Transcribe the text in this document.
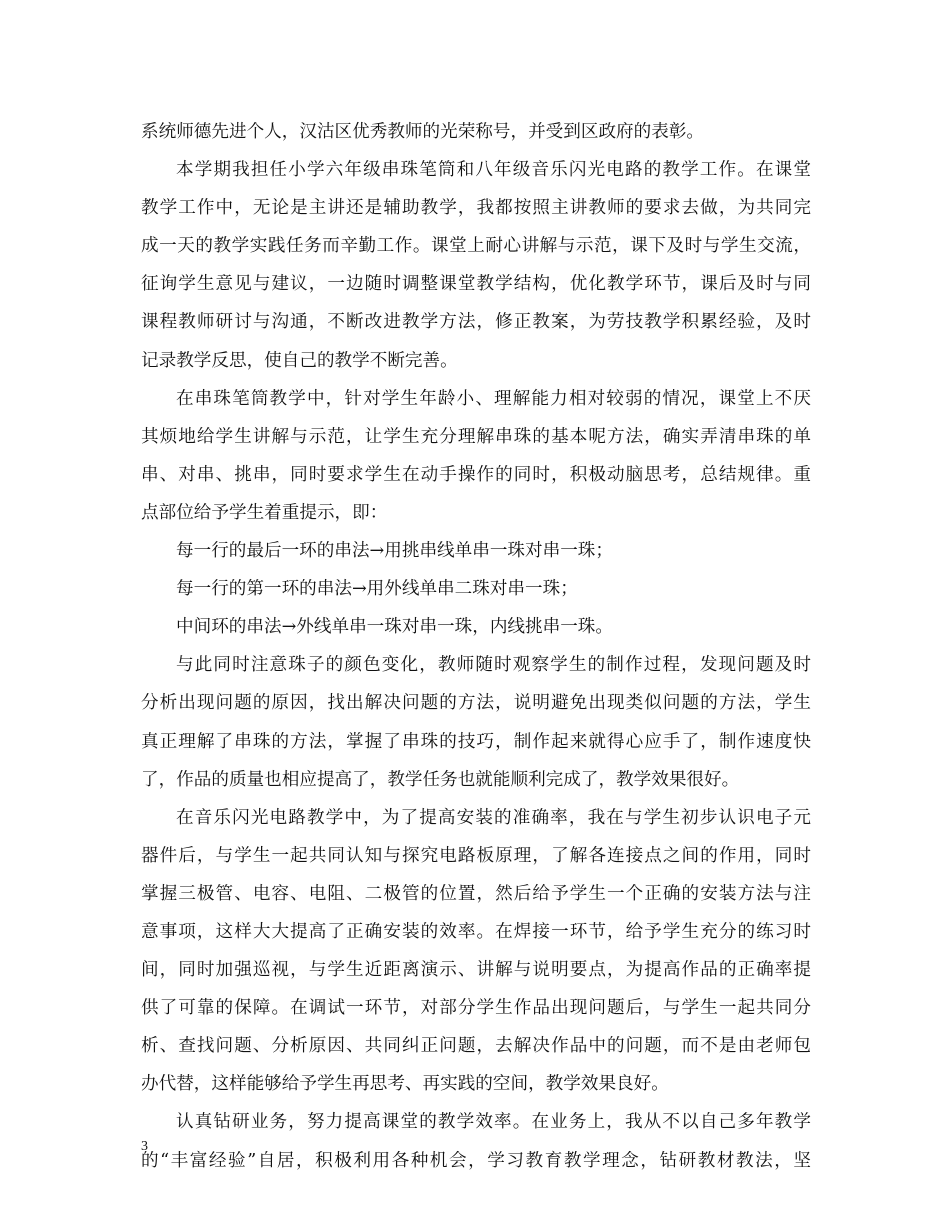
系统师德先进个人，汉沽区优秀教师的光荣称号，并受到区政府的表彰。
本学期我担任小学六年级串珠笔筒和八年级音乐闪光电路的教学工作。在课堂
教学工作中，无论是主讲还是辅助教学，我都按照主讲教师的要求去做，为共同完
成一天的教学实践任务而辛勤工作。课堂上耐心讲解与示范，课下及时与学生交流，
征询学生意见与建议，一边随时调整课堂教学结构，优化教学环节，课后及时与同
课程教师研讨与沟通，不断改进教学方法，修正教案，为劳技教学积累经验，及时
记录教学反思，使自己的教学不断完善。
在串珠笔筒教学中，针对学生年龄小、理解能力相对较弱的情况，课堂上不厌
其烦地给学生讲解与示范，让学生充分理解串珠的基本呢方法，确实弄清串珠的单
串、对串、挑串，同时要求学生在动手操作的同时，积极动脑思考，总结规律。重
点部位给予学生着重提示，即：
每一行的最后一环的串法→用挑串线单串一珠对串一珠；
每一行的第一环的串法→用外线单串二珠对串一珠；
中间环的串法→外线单串一珠对串一珠，内线挑串一珠。
与此同时注意珠子的颜色变化，教师随时观察学生的制作过程，发现问题及时
分析出现问题的原因，找出解决问题的方法，说明避免出现类似问题的方法，学生
真正理解了串珠的方法，掌握了串珠的技巧，制作起来就得心应手了，制作速度快
了，作品的质量也相应提高了，教学任务也就能顺利完成了，教学效果很好。
在音乐闪光电路教学中，为了提高安装的准确率，我在与学生初步认识电子元
器件后，与学生一起共同认知与探究电路板原理，了解各连接点之间的作用，同时
掌握三极管、电容、电阻、二极管的位置，然后给予学生一个正确的安装方法与注
意事项，这样大大提高了正确安装的效率。在焊接一环节，给予学生充分的练习时
间，同时加强巡视，与学生近距离演示、讲解与说明要点，为提高作品的正确率提
供了可靠的保障。在调试一环节，对部分学生作品出现问题后，与学生一起共同分
析、查找问题、分析原因、共同纠正问题，去解决作品中的问题，而不是由老师包
办代替，这样能够给予学生再思考、再实践的空间，教学效果良好。
认真钻研业务，努力提高课堂的教学效率。在业务上，我从不以自己多年教学
的“丰富经验”自居，积极利用各种机会，学习教育教学理念，钻研教材教法，坚
3
